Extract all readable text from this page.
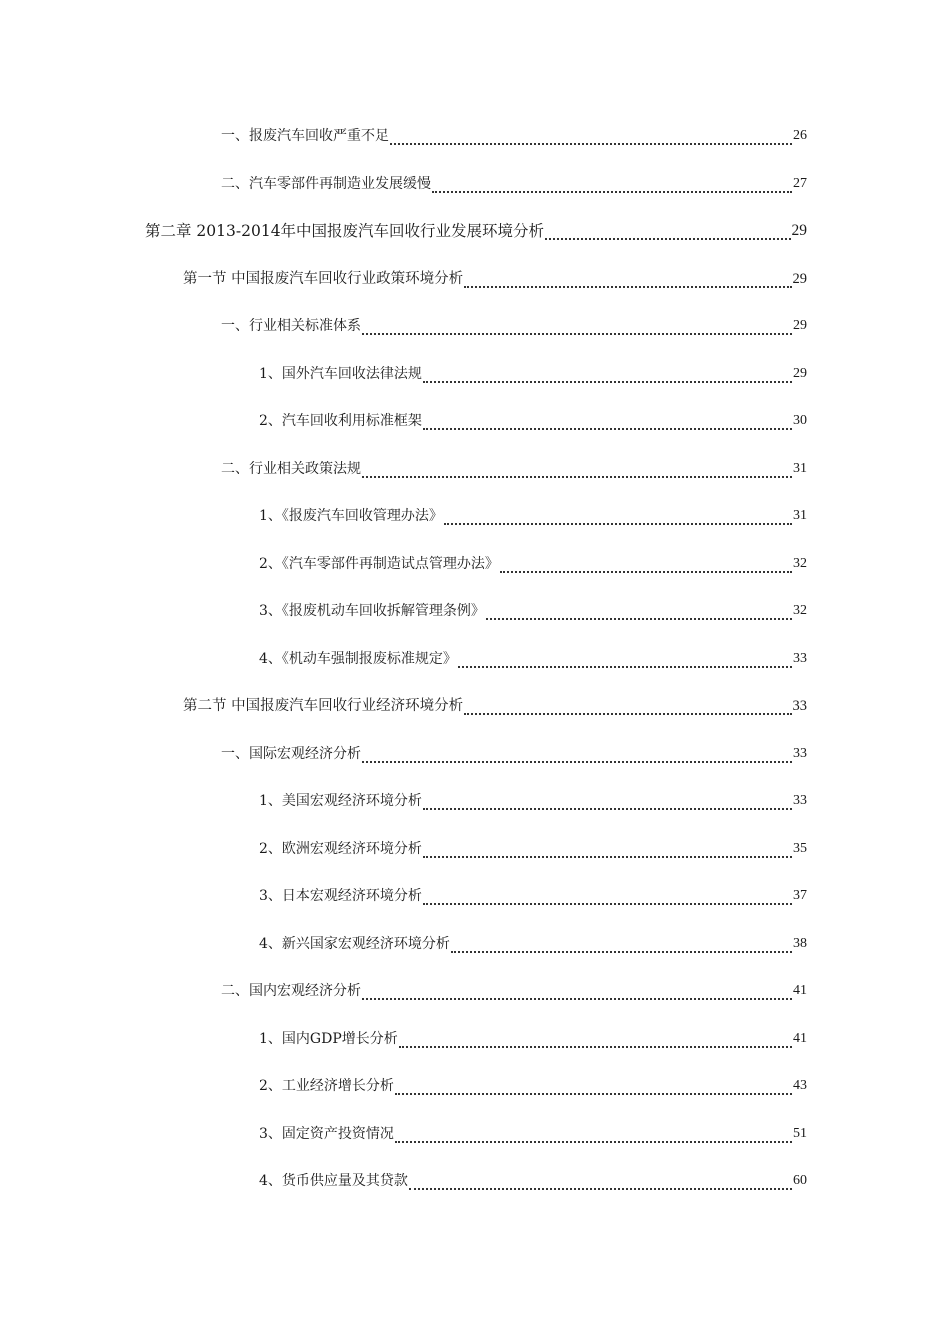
一、报废汽车回收严重不足	26
二、汽车零部件再制造业发展缓慢	27
第二章 2013-2014年中国报废汽车回收行业发展环境分析	29
第一节 中国报废汽车回收行业政策环境分析	29
一、行业相关标准体系	29
1、国外汽车回收法律法规	29
2、汽车回收利用标准框架	30
二、行业相关政策法规	31
1、《报废汽车回收管理办法》	31
2、《汽车零部件再制造试点管理办法》	32
3、《报废机动车回收拆解管理条例》	32
4、《机动车强制报废标准规定》	33
第二节 中国报废汽车回收行业经济环境分析	33
一、国际宏观经济分析	33
1、美国宏观经济环境分析	33
2、欧洲宏观经济环境分析	35
3、日本宏观经济环境分析	37
4、新兴国家宏观经济环境分析	38
二、国内宏观经济分析	41
1、国内GDP增长分析	41
2、工业经济增长分析	43
3、固定资产投资情况	51
4、货币供应量及其贷款	60
